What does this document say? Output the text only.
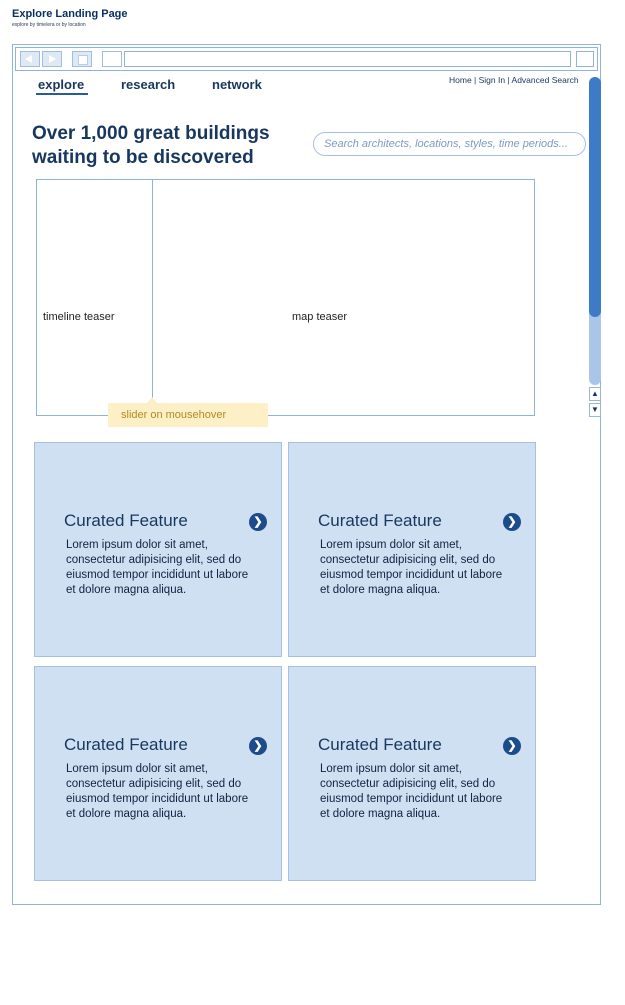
Explore Landing Page
explore by time/era or by location
explore	research	network	Home | Sign In | Advanced Search
Over 1,000 great buildings
waiting to be discovered
Search architects, locations, styles, time periods...
timeline teaser	map teaser
slider on mousehover
Curated Feature	❯

Lorem ipsum dolor sit amet, consectetur adipisicing elit, sed do eiusmod tempor incididunt ut labore et dolore magna aliqua.

Curated Feature	❯

Lorem ipsum dolor sit amet, consectetur adipisicing elit, sed do eiusmod tempor incididunt ut labore et dolore magna aliqua.

Curated Feature	❯

Lorem ipsum dolor sit amet, consectetur adipisicing elit, sed do eiusmod tempor incididunt ut labore et dolore magna aliqua.

Curated Feature	❯

Lorem ipsum dolor sit amet, consectetur adipisicing elit, sed do eiusmod tempor incididunt ut labore et dolore magna aliqua.

▲
▼
